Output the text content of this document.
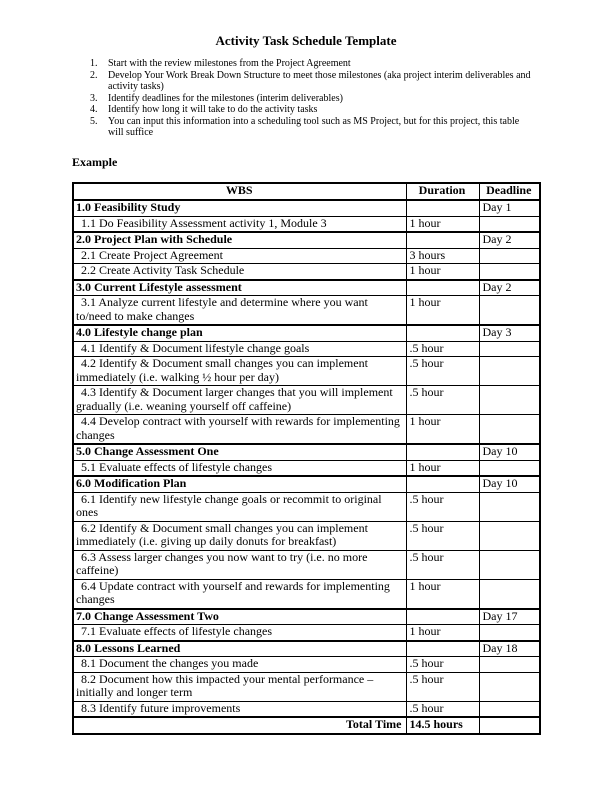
Activity Task Schedule Template
1.	Start with the review milestones from the Project Agreement
2.	Develop Your Work Break Down Structure to meet those milestones (aka project interim deliverables and activity tasks)
3.	Identify deadlines for the milestones (interim deliverables)
4.	Identify how long it will take to do the activity tasks
5.	You can input this information into a scheduling tool such as MS Project, but for this project, this table will suffice
Example
WBS	Duration	Deadline
1.0 Feasibility Study		Day 1
1.1 Do Feasibility Assessment activity 1, Module 3	1 hour	
2.0 Project Plan with Schedule		Day 2
2.1 Create Project Agreement	3 hours	
2.2 Create Activity Task Schedule	1 hour	
3.0 Current Lifestyle assessment		Day 2
3.1 Analyze current lifestyle and determine where you want to/need to make changes	1 hour	
4.0 Lifestyle change plan		Day 3
4.1 Identify & Document lifestyle change goals	.5 hour	
4.2 Identify & Document small changes you can implement immediately (i.e. walking ½ hour per day)	.5 hour	
4.3 Identify & Document larger changes that you will implement gradually (i.e. weaning yourself off caffeine)	.5 hour	
4.4 Develop contract with yourself with rewards for implementing changes	1 hour	
5.0 Change Assessment One		Day 10
5.1 Evaluate effects of lifestyle changes	1 hour	
6.0 Modification Plan		Day 10
6.1 Identify new lifestyle change goals or recommit to original ones	.5 hour	
6.2 Identify & Document small changes you can implement immediately (i.e. giving up daily donuts for breakfast)	.5 hour	
6.3 Assess larger changes you now want to try (i.e. no more caffeine)	.5 hour	
6.4 Update contract with yourself and rewards for implementing changes	1 hour	
7.0 Change Assessment Two		Day 17
7.1 Evaluate effects of lifestyle changes	1 hour	
8.0 Lessons Learned		Day 18
8.1 Document the changes you made	.5 hour	
8.2 Document how this impacted your mental performance – initially and longer term	.5 hour	
8.3 Identify future improvements	.5 hour	
Total Time	14.5 hours	
